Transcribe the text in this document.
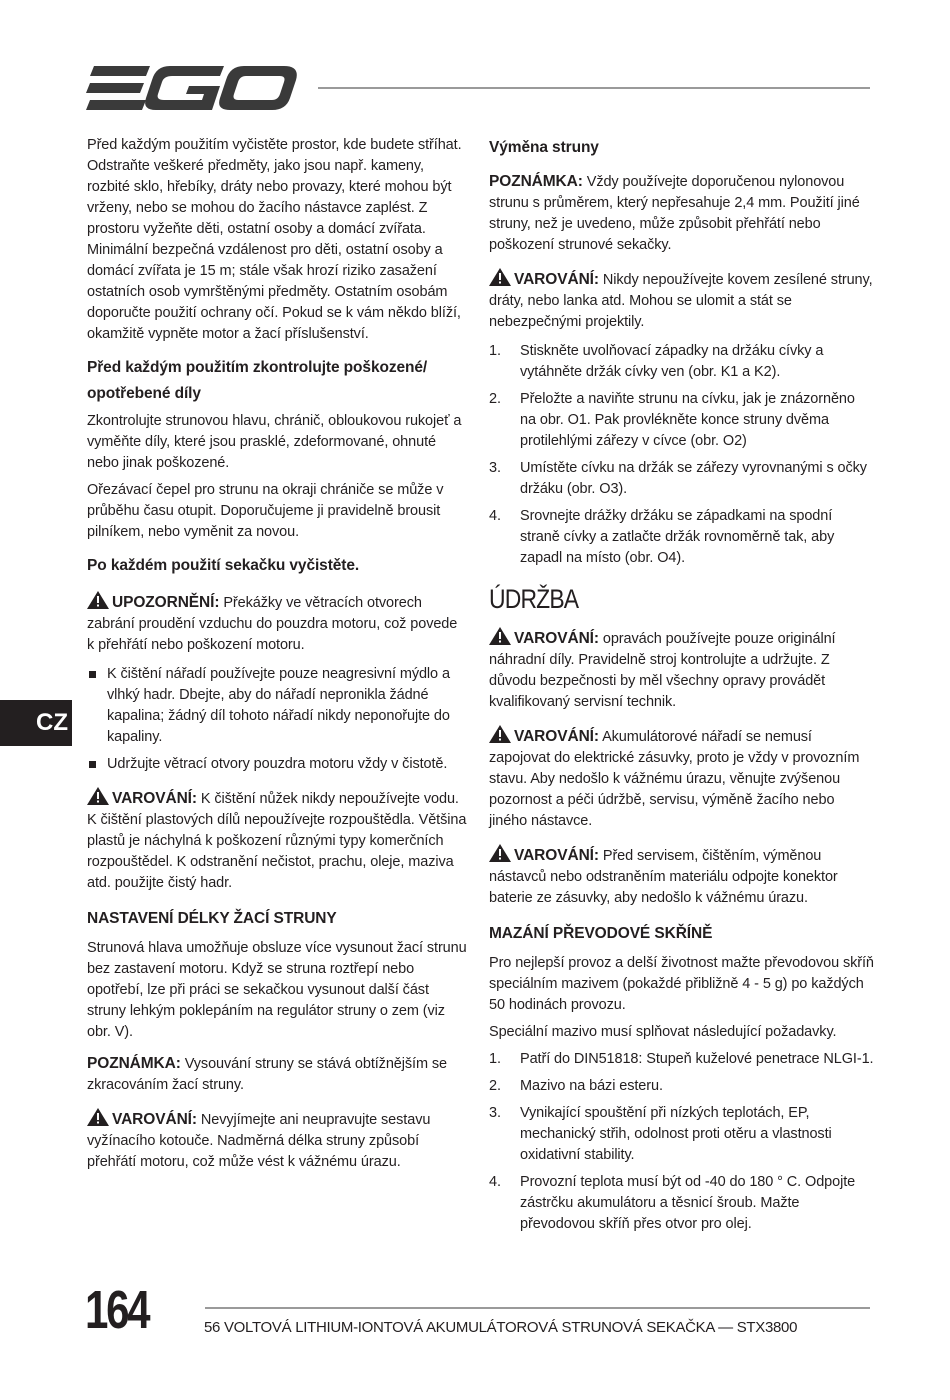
Před každým použitím vyčistěte prostor, kde budete stříhat. Odstraňte veškeré předměty, jako jsou např. kameny, rozbité sklo, hřebíky, dráty nebo provazy, které mohou být vrženy, nebo se mohou do žacího nástavce zaplést. Z prostoru vyžeňte děti, ostatní osoby a domácí zvířata. Minimální bezpečná vzdálenost pro děti, ostatní osoby a domácí zvířata je 15 m; stále však hrozí riziko zasažení ostatních osob vymrštěnými předměty. Ostatním osobám doporučte použití ochrany očí. Pokud se k vám někdo blíží, okamžitě vypněte motor a žací příslušenství.

Před každým použitím zkontrolujte poškozené/ opotřebené díly

Zkontrolujte strunovou hlavu, chránič, obloukovou rukojeť a vyměňte díly, které jsou prasklé, zdeformované, ohnuté nebo jinak poškozené.

Ořezávací čepel pro strunu na okraji chrániče se může v průběhu času otupit. Doporučujeme ji pravidelně brousit pilníkem, nebo vyměnit za novou.

Po každém použití sekačku vyčistěte.

UPOZORNĚNÍ: Překážky ve větracích otvorech zabrání proudění vzduchu do pouzdra motoru, což povede k přehřátí nebo poškození motoru.

K čištění nářadí používejte pouze neagresivní mýdlo a vlhký hadr. Dbejte, aby do nářadí nepronikla žádné kapalina; žádný díl tohoto nářadí nikdy neponořujte do kapaliny.
Udržujte větrací otvory pouzdra motoru vždy v čistotě.

VAROVÁNÍ: K čištění nůžek nikdy nepoužívejte vodu. K čištění plastových dílů nepoužívejte rozpouštědla. Většina plastů je náchylná k poškození různými typy komerčních rozpouštědel. K odstranění nečistot, prachu, oleje, maziva atd. použijte čistý hadr.

NASTAVENÍ DÉLKY ŽACÍ STRUNY

Strunová hlava umožňuje obsluze více vysunout žací strunu bez zastavení motoru. Když se struna roztřepí nebo opotřebí, lze při práci se sekačkou vysunout další část struny lehkým poklepáním na regulátor struny o zem (viz obr. V).

POZNÁMKA: Vysouvání struny se stává obtížnějším se zkracováním žací struny.

VAROVÁNÍ: Nevyjímejte ani neupravujte sestavu vyžínacího kotouče. Nadměrná délka struny způsobí přehřátí motoru, což může vést k vážnému úrazu.

Výměna struny

POZNÁMKA: Vždy používejte doporučenou nylonovou strunu s průměrem, který nepřesahuje 2,4 mm. Použití jiné struny, než je uvedeno, může způsobit přehřátí nebo poškození strunové sekačky.

VAROVÁNÍ: Nikdy nepoužívejte kovem zesílené struny, dráty, nebo lanka atd. Mohou se ulomit a stát se nebezpečnými projektily.

1. Stiskněte uvolňovací západky na držáku cívky a vytáhněte držák cívky ven (obr. K1 a K2).
2. Přeložte a naviňte strunu na cívku, jak je znázorněno na obr. O1. Pak provlékněte konce struny dvěma protilehlými zářezy v cívce (obr. O2)
3. Umístěte cívku na držák se zářezy vyrovnanými s očky držáku (obr. O3).
4. Srovnejte drážky držáku se západkami na spodní straně cívky a zatlačte držák rovnoměrně tak, aby zapadl na místo (obr. O4).
ÚDRŽBA

VAROVÁNÍ: opravách používejte pouze originální náhradní díly. Pravidelně stroj kontrolujte a udržujte. Z důvodu bezpečnosti by měl všechny opravy provádět kvalifikovaný servisní technik.

VAROVÁNÍ: Akumulátorové nářadí se nemusí zapojovat do elektrické zásuvky, proto je vždy v provozním stavu. Aby nedošlo k vážnému úrazu, věnujte zvýšenou pozornost a péči údržbě, servisu, výměně žacího nebo jiného nástavce.

VAROVÁNÍ: Před servisem, čištěním, výměnou nástavců nebo odstraněním materiálu odpojte konektor baterie ze zásuvky, aby nedošlo k vážnému úrazu.

MAZÁNÍ PŘEVODOVÉ SKŘÍNĚ

Pro nejlepší provoz a delší životnost mažte převodovou skříň speciálním mazivem (pokaždé přibližně 4 - 5 g) po každých 50 hodinách provozu.

Speciální mazivo musí splňovat následující požadavky.

1. Patří do DIN51818: Stupeň kuželové penetrace NLGI-1.
2. Mazivo na bázi esteru.
3. Vynikající spouštění při nízkých teplotách, EP, mechanický střih, odolnost proti otěru a vlastnosti oxidativní stability.
4. Provozní teplota musí být od -40 do 180 ° C. Odpojte zástrčku akumulátoru a těsnicí šroub. Mažte převodovou skříň přes otvor pro olej.
CZ
164	56 VOLTOVÁ LITHIUM-IONTOVÁ AKUMULÁTOROVÁ STRUNOVÁ SEKAČKA — STX3800
